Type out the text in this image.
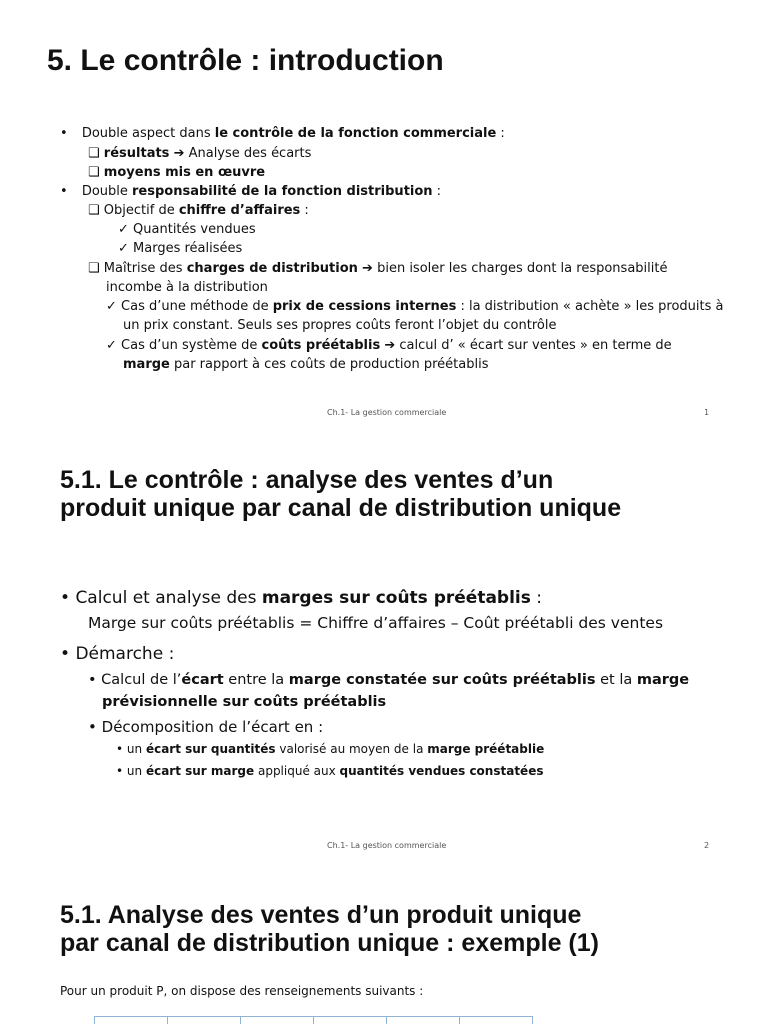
5. Le contrôle : introduction
• Double aspect dans le contrôle de la fonction commerciale :
❑ résultats ➔ Analyse des écarts
❑ moyens mis en œuvre
• Double responsabilité de la fonction distribution :
❑ Objectif de chiffre d’affaires :
✓ Quantités vendues
✓ Marges réalisées
❑ Maîtrise des charges de distribution ➔ bien isoler les charges dont la responsabilité
incombe à la distribution
✓ Cas d’une méthode de prix de cessions internes : la distribution « achète » les produits à
un prix constant. Seuls ses propres coûts feront l’objet du contrôle
✓ Cas d’un système de coûts préétablis ➔ calcul d’ « écart sur ventes » en terme de
marge par rapport à ces coûts de production préétablis
Ch.1- La gestion commerciale	1
5.1. Le contrôle : analyse des ventes d’un
produit unique par canal de distribution unique
• Calcul et analyse des marges sur coûts préétablis :
Marge sur coûts préétablis = Chiffre d’affaires – Coût préétabli des ventes
• Démarche :
• Calcul de l’écart entre la marge constatée sur coûts préétablis et la marge
prévisionnelle sur coûts préétablis
• Décomposition de l’écart en :
• un écart sur quantités valorisé au moyen de la marge préétablie
• un écart sur marge appliqué aux quantités vendues constatées
Ch.1- La gestion commerciale	2
5.1. Analyse des ventes d’un produit unique
par canal de distribution unique : exemple (1)
Pour un produit P, on dispose des renseignements suivants :
